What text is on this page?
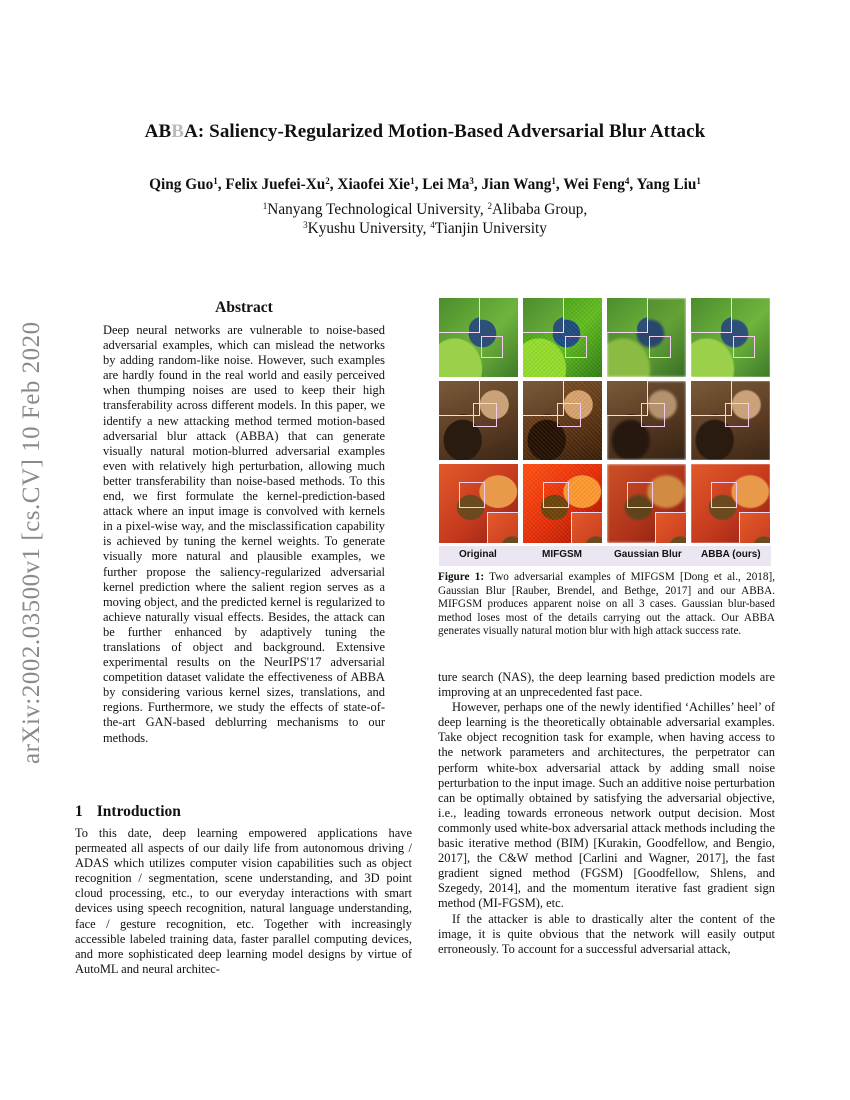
ABBA: Saliency-Regularized Motion-Based Adversarial Blur Attack
Qing Guo$^1$, Felix Juefei-Xu$^2$, Xiaofei Xie$^1$, Lei Ma$^3$, Jian Wang$^1$, Wei Feng$^4$, Yang Liu$^1$
$^1$Nanyang Technological University, $^2$Alibaba Group,
$^3$Kyushu University, $^4$Tianjin University
arXiv:2002.03500v1 [cs.CV] 10 Feb 2020
Abstract
Deep neural networks are vulnerable to noise-based adversarial examples, which can mislead the networks by adding random-like noise. However, such examples are hardly found in the real world and easily perceived when thumping noises are used to keep their high transferability across different models. In this paper, we identify a new attacking method termed motion-based adversarial blur attack (ABBA) that can generate visually natural motion-blurred adversarial examples even with relatively high perturbation, allowing much better transferability than noise-based methods. To this end, we first formulate the kernel-prediction-based attack where an input image is convolved with kernels in a pixel-wise way, and the misclassification capability is achieved by tuning the kernel weights. To generate visually more natural and plausible examples, we further propose the saliency-regularized adversarial kernel prediction where the salient region serves as a moving object, and the predicted kernel is regularized to achieve naturally visual effects. Besides, the attack can be further enhanced by adaptively tuning the translations of object and background. Extensive experimental results on the NeurIPS'17 adversarial competition dataset validate the effectiveness of ABBA by considering various kernel sizes, translations, and regions. Furthermore, we study the effects of state-of-the-art GAN-based deblurring mechanisms to our methods.
1 Introduction

To this date, deep learning empowered applications have permeated all aspects of our daily life from autonomous driving / ADAS which utilizes computer vision capabilities such as object recognition / segmentation, scene understanding, and 3D point cloud processing, etc., to our everyday interactions with smart devices using speech recognition, natural language understanding, face / gesture recognition, etc. Together with increasingly accessible labeled training data, faster parallel computing devices, and more sophisticated deep learning model designs by virtue of AutoML and neural architec-

ture search (NAS), the deep learning based prediction models are improving at an unprecedented fast pace.

However, perhaps one of the newly identified ‘Achilles’ heel’ of deep learning is the theoretically obtainable adversarial examples. Take object recognition task for example, when having access to the network parameters and architectures, the perpetrator can perform white-box adversarial attack by adding small noise perturbation to the input image. Such an additive noise perturbation can be optimally obtained by satisfying the adversarial objective, i.e., leading towards erroneous network output decision. Most commonly used white-box adversarial attack methods including the basic iterative method (BIM) [Kurakin, Goodfellow, and Bengio, 2017], the C&W method [Carlini and Wagner, 2017], the fast gradient signed method (FGSM) [Goodfellow, Shlens, and Szegedy, 2014], and the momentum iterative fast gradient sign method (MI-FGSM), etc.

If the attacker is able to drastically alter the content of the image, it is quite obvious that the network will easily output erroneously. To account for a successful adversarial attack,

Original	MIFGSM	Gaussian Blur ABBA (ours)
Figure 1: Two adversarial examples of MIFGSM [Dong et al., 2018], Gaussian Blur [Rauber, Brendel, and Bethge, 2017] and our ABBA. MIFGSM produces apparent noise on all 3 cases. Gaussian blur-based method loses most of the details carrying out the attack. Our ABBA generates visually natural motion blur with high attack success rate.
